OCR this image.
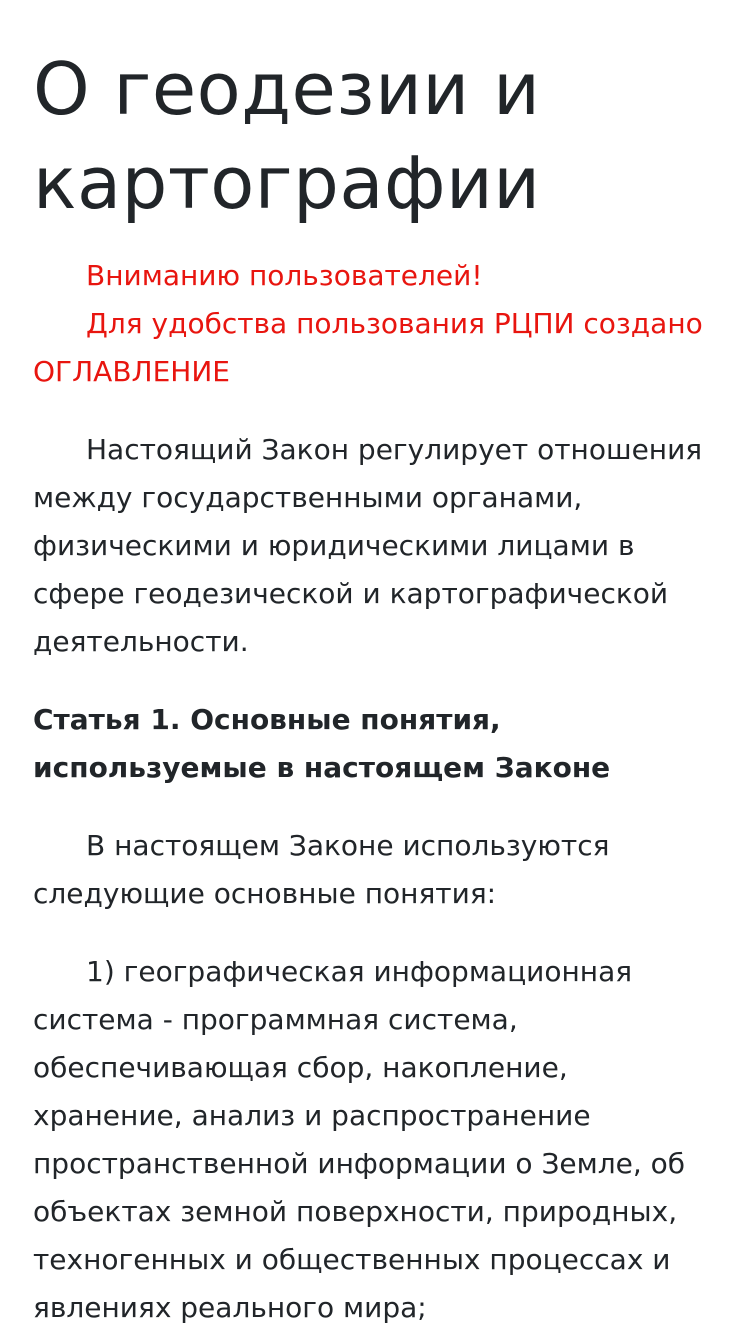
О геодезии и картографии

Вниманию пользователей!

Для удобства пользования РЦПИ создано ОГЛАВЛЕНИЕ

Настоящий Закон регулирует отношения между государственными органами, физическими и юридическими лицами в сфере геодезической и картографической деятельности.

Статья 1. Основные понятия, используемые в настоящем Законе

В настоящем Законе используются следующие основные понятия:

1) географическая информационная система - программная система, обеспечивающая сбор, накопление, хранение, анализ и распространение пространственной информации о Земле, об объектах земной поверхности, природных, техногенных и общественных процессах и явлениях реального мира;
